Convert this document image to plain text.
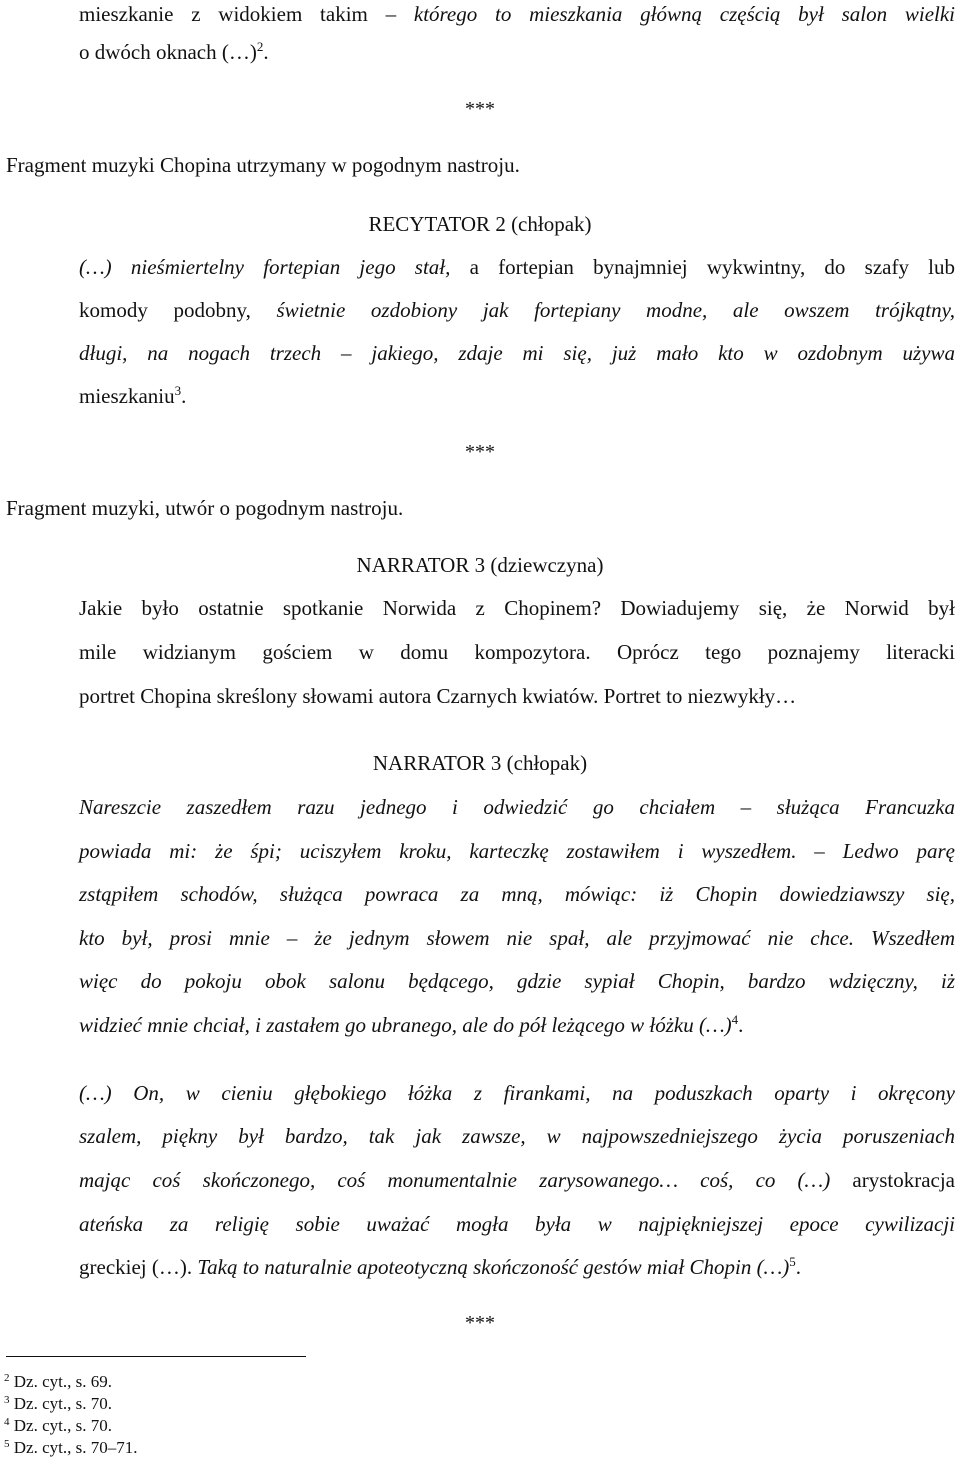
mieszkanie z widokiem takim – którego to mieszkania główną częścią był salon wielki
o dwóch oknach (…)$^2$.
***
Fragment muzyki Chopina utrzymany w pogodnym nastroju.
RECYTATOR 2 (chłopak)
(…) nieśmiertelny fortepian jego stał, a fortepian bynajmniej wykwintny, do szafy lub
komody podobny, świetnie ozdobiony jak fortepiany modne, ale owszem trójkątny,
długi, na nogach trzech – jakiego, zdaje mi się, już mało kto w ozdobnym używa
mieszkaniu$^3$.
***
Fragment muzyki, utwór o pogodnym nastroju.
NARRATOR 3 (dziewczyna)
Jakie było ostatnie spotkanie Norwida z Chopinem? Dowiadujemy się, że Norwid był
mile widzianym gościem w domu kompozytora. Oprócz tego poznajemy literacki
portret Chopina skreślony słowami autora Czarnych kwiatów. Portret to niezwykły…
NARRATOR 3 (chłopak)
Nareszcie zaszedłem razu jednego i odwiedzić go chciałem – służąca Francuzka
powiada mi: że śpi; uciszyłem kroku, karteczkę zostawiłem i wyszedłem. – Ledwo parę
zstąpiłem schodów, służąca powraca za mną, mówiąc: iż Chopin dowiedziawszy się,
kto był, prosi mnie – że jednym słowem nie spał, ale przyjmować nie chce. Wszedłem
więc do pokoju obok salonu będącego, gdzie sypiał Chopin, bardzo wdzięczny, iż
widzieć mnie chciał, i zastałem go ubranego, ale do pół leżącego w łóżku (…)$^4$.
(…) On, w cieniu głębokiego łóżka z firankami, na poduszkach oparty i okręcony
szalem, piękny był bardzo, tak jak zawsze, w najpowszedniejszego życia poruszeniach
mając coś skończonego, coś monumentalnie zarysowanego… coś, co (…) arystokracja
ateńska za religię sobie uważać mogła była w najpiękniejszej epoce cywilizacji
greckiej (…). Taką to naturalnie apoteotyczną skończoność gestów miał Chopin (…)$^5$.
***
$^2$ Dz. cyt., s. 69.
$^3$ Dz. cyt., s. 70.
$^4$ Dz. cyt., s. 70.
$^5$ Dz. cyt., s. 70–71.
